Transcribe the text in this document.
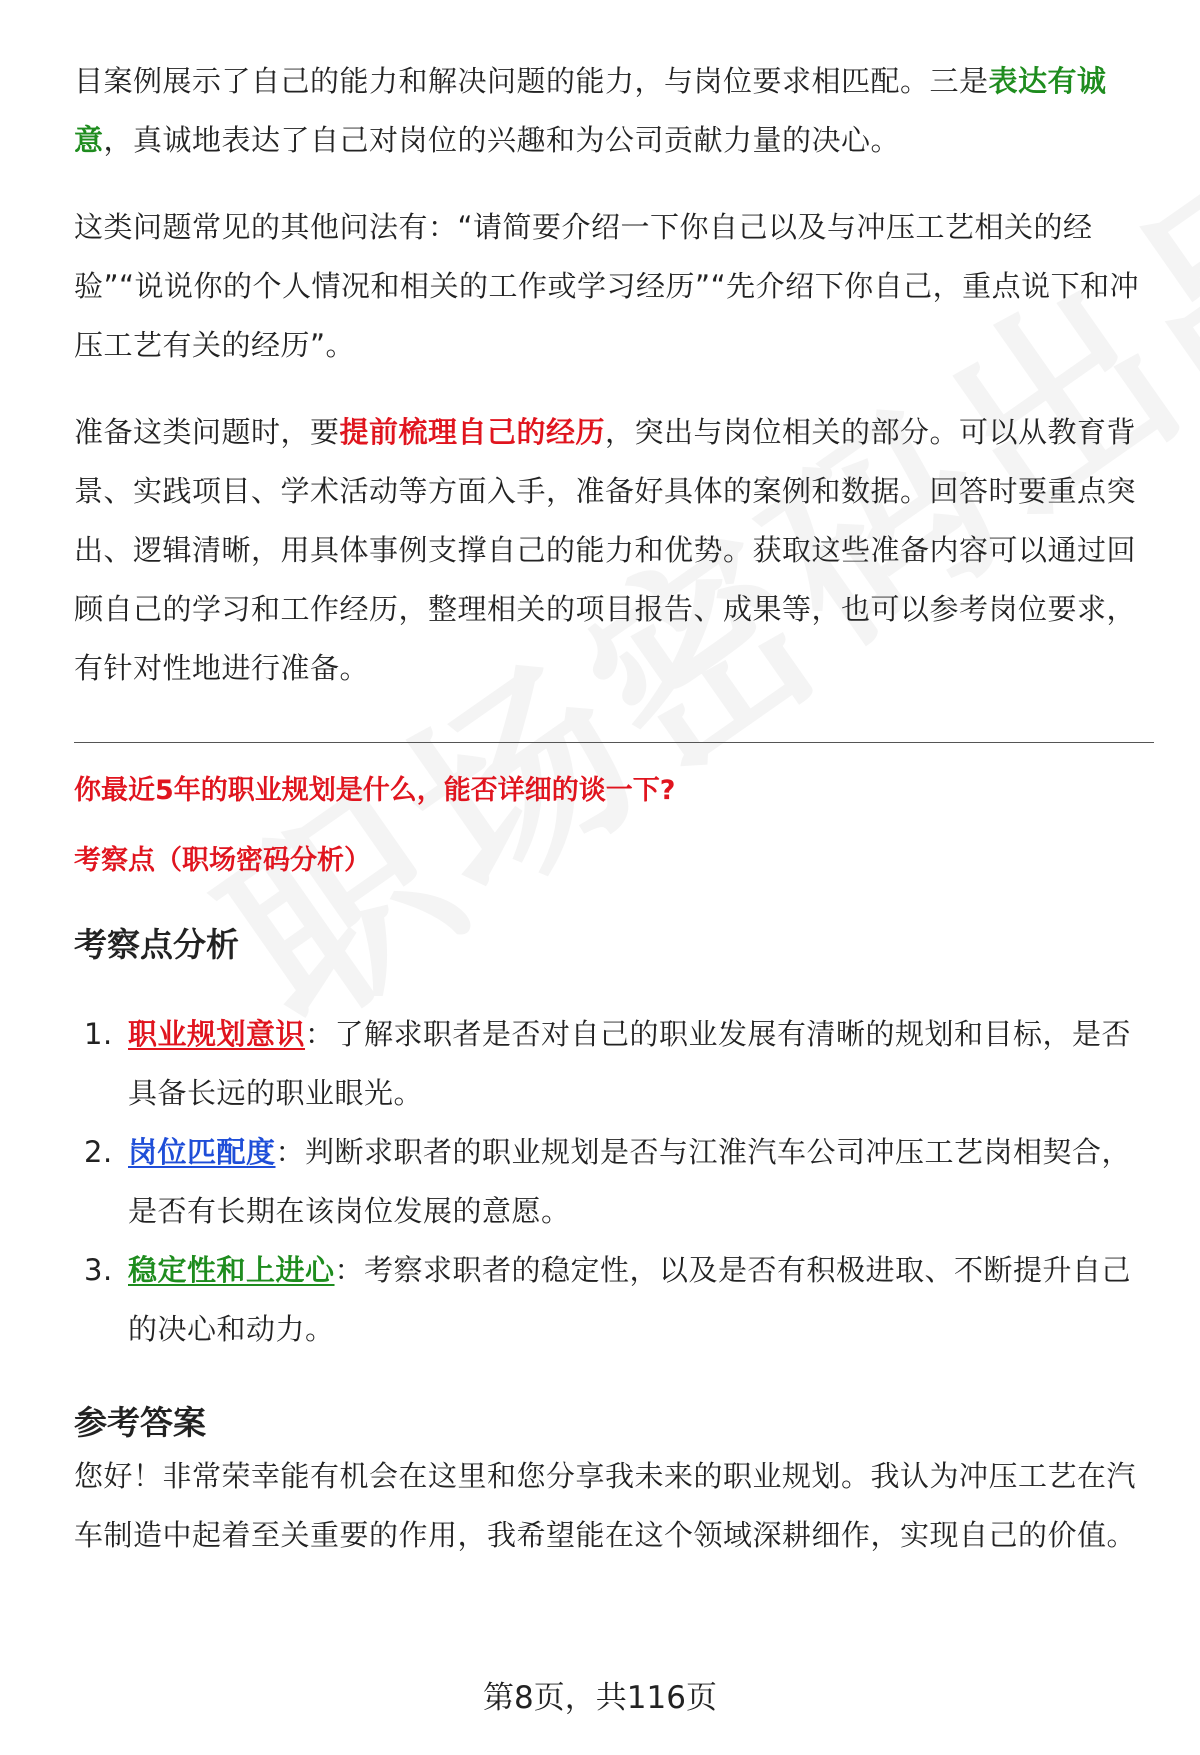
目案例展示了自己的能力和解决问题的能力，与岗位要求相匹配。三是表达有诚意，真诚地表达了自己对岗位的兴趣和为公司贡献力量的决心。

这类问题常见的其他问法有：“请简要介绍一下你自己以及与冲压工艺相关的经验”“说说你的个人情况和相关的工作或学习经历”“先介绍下你自己，重点说下和冲压工艺有关的经历”。

准备这类问题时，要提前梳理自己的经历，突出与岗位相关的部分。可以从教育背景、实践项目、学术活动等方面入手，准备好具体的案例和数据。回答时要重点突出、逻辑清晰，用具体事例支撑自己的能力和优势。获取这些准备内容可以通过回顾自己的学习和工作经历，整理相关的项目报告、成果等，也可以参考岗位要求，有针对性地进行准备。

你最近5年的职业规划是什么，能否详细的谈一下?
考察点（职场密码分析）
考察点分析
1. 职业规划意识：了解求职者是否对自己的职业发展有清晰的规划和目标，是否具备长远的职业眼光。
2. 岗位匹配度：判断求职者的职业规划是否与江淮汽车公司冲压工艺岗相契合，是否有长期在该岗位发展的意愿。
3. 稳定性和上进心：考察求职者的稳定性，以及是否有积极进取、不断提升自己的决心和动力。
参考答案

您好！非常荣幸能有机会在这里和您分享我未来的职业规划。我认为冲压工艺在汽车制造中起着至关重要的作用，我希望能在这个领域深耕细作，实现自己的价值。

第8页，共116页
